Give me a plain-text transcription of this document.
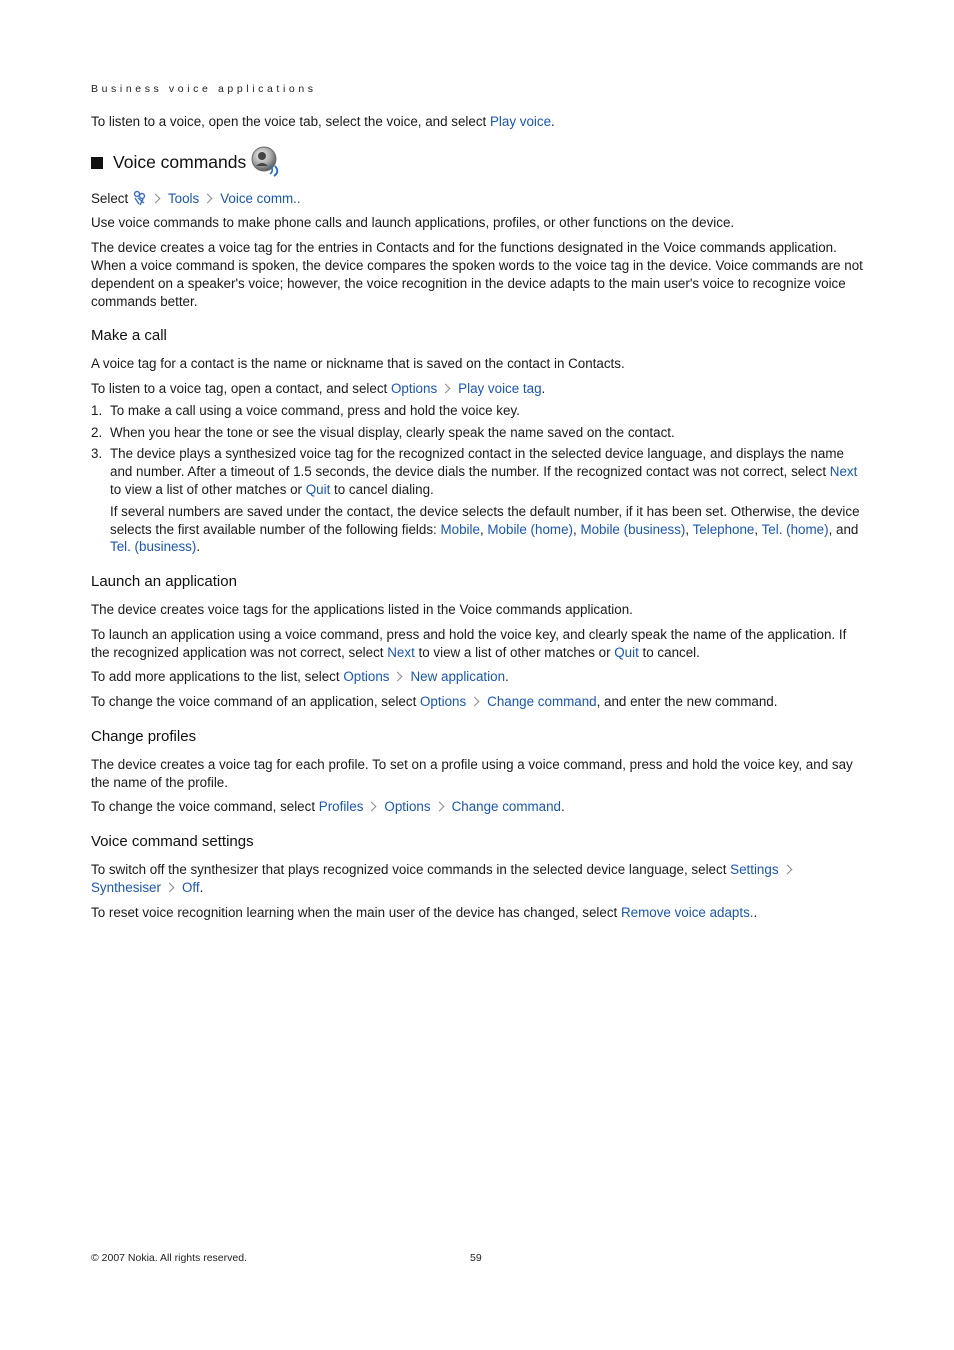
Business voice applications

To listen to a voice, open the voice tab, select the voice, and select Play voice.

Voice commands

Select	Tools Voice comm..

Use voice commands to make phone calls and launch applications, profiles, or other functions on the device.

The device creates a voice tag for the entries in Contacts and for the functions designated in the Voice commands application. When a voice command is spoken, the device compares the spoken words to the voice tag in the device. Voice commands are not dependent on a speaker's voice; however, the voice recognition in the device adapts to the main user's voice to recognize voice commands better.

Make a call

A voice tag for a contact is the name or nickname that is saved on the contact in Contacts.

To listen to a voice tag, open a contact, and select Options Play voice tag.

1. To make a call using a voice command, press and hold the voice key.
2. When you hear the tone or see the visual display, clearly speak the name saved on the contact.
3. The device plays a synthesized voice tag for the recognized contact in the selected device language, and displays the name and number. After a timeout of 1.5 seconds, the device dials the number. If the recognized contact was not correct, select Next to view a list of other matches or Quit to cancel dialing.
If several numbers are saved under the contact, the device selects the default number, if it has been set. Otherwise, the device selects the first available number of the following fields: Mobile, Mobile (home), Mobile (business), Telephone, Tel. (home), and Tel. (business).
Launch an application

The device creates voice tags for the applications listed in the Voice commands application.

To launch an application using a voice command, press and hold the voice key, and clearly speak the name of the application. If the recognized application was not correct, select Next to view a list of other matches or Quit to cancel.

To add more applications to the list, select Options New application.

To change the voice command of an application, select Options Change command, and enter the new command.

Change profiles

The device creates a voice tag for each profile. To set on a profile using a voice command, press and hold the voice key, and say the name of the profile.

To change the voice command, select Profiles Options Change command.

Voice command settings

To switch off the synthesizer that plays recognized voice commands in the selected device language, select SettingsSynthesiser Off.

To reset voice recognition learning when the main user of the device has changed, select Remove voice adapts..

© 2007 Nokia. All rights reserved.	59
